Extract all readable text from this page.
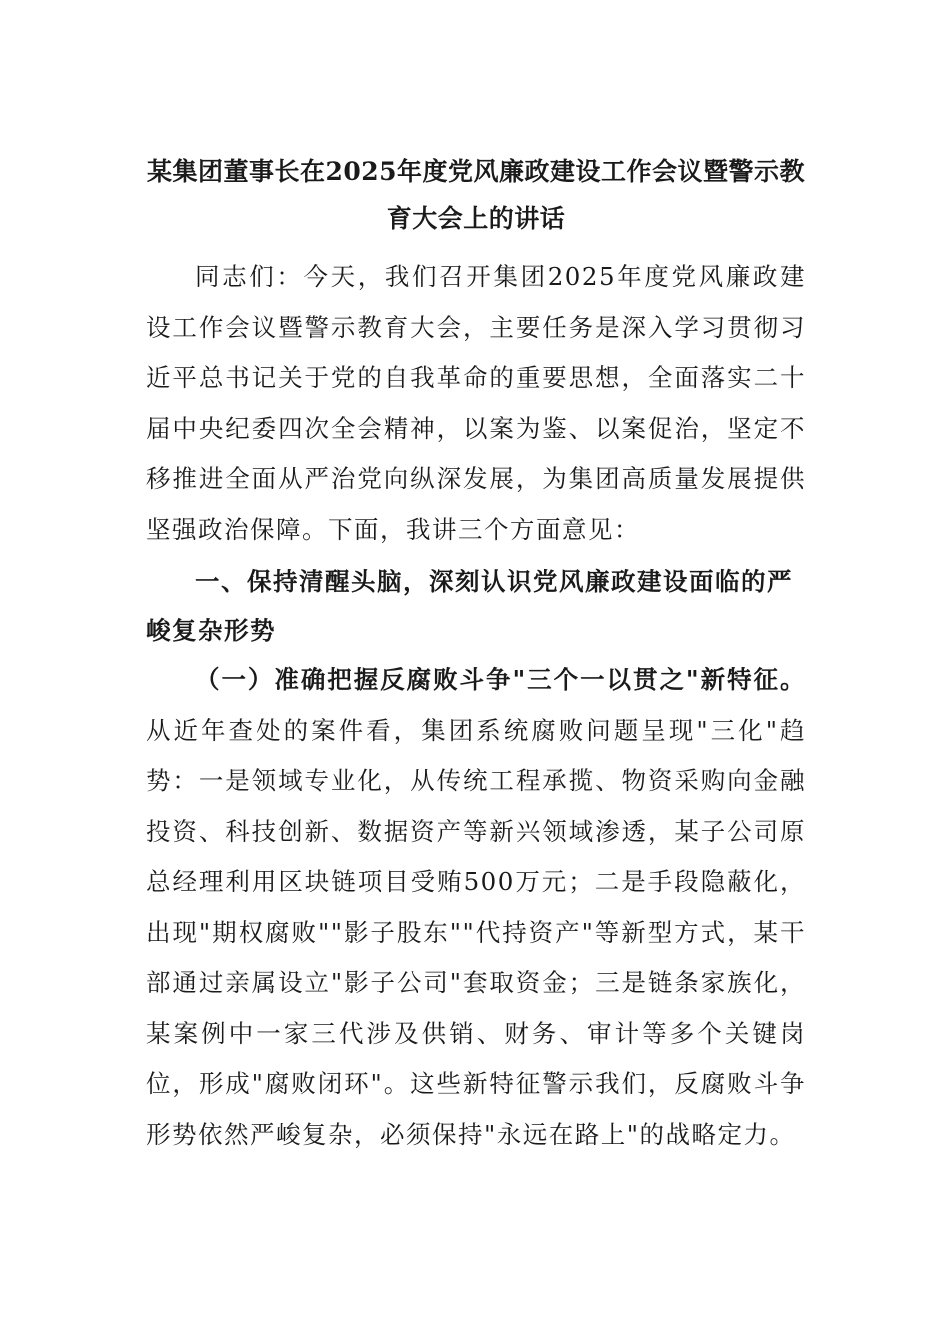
某集团董事长在2025年度党风廉政建设工作会议暨警示教
育大会上的讲话

同志们：今天，我们召开集团2025年度党风廉政建设工作会议暨警示教育大会，主要任务是深入学习贯彻习近平总书记关于党的自我革命的重要思想，全面落实二十届中央纪委四次全会精神，以案为鉴、以案促治，坚定不移推进全面从严治党向纵深发展，为集团高质量发展提供坚强政治保障。下面，我讲三个方面意见：

一、保持清醒头脑，深刻认识党风廉政建设面临的严峻复杂形势

（一）准确把握反腐败斗争"三个一以贯之"新特征。从近年查处的案件看，集团系统腐败问题呈现"三化"趋势：一是领域专业化，从传统工程承揽、物资采购向金融投资、科技创新、数据资产等新兴领域渗透，某子公司原总经理利用区块链项目受贿500万元；二是手段隐蔽化，出现"期权腐败""影子股东""代持资产"等新型方式，某干部通过亲属设立"影子公司"套取资金；三是链条家族化，某案例中一家三代涉及供销、财务、审计等多个关键岗位，形成"腐败闭环"。这些新特征警示我们，反腐败斗争形势依然严峻复杂，必须保持"永远在路上"的战略定力。
